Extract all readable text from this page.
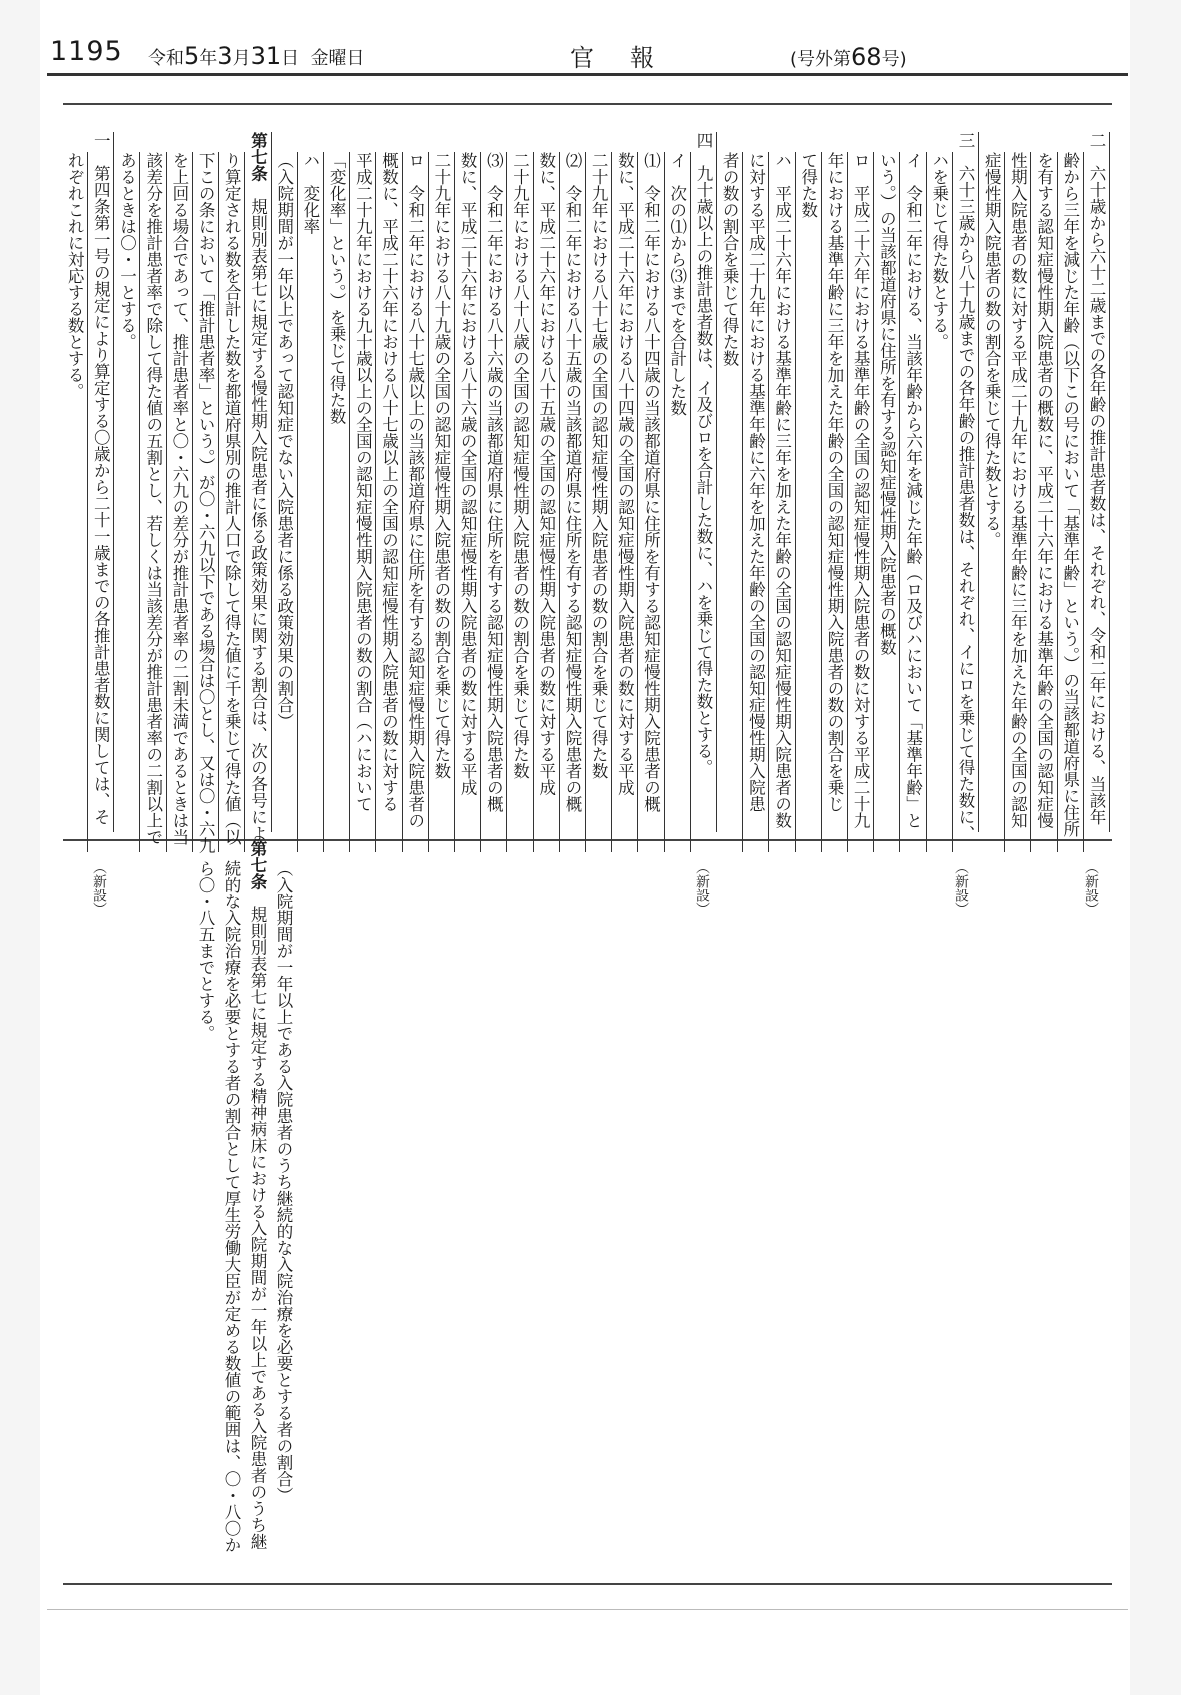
1195 令和5年3月31日 金曜日	官 報	(号外第68号)
二　六十歳から六十二歳までの各年齢の推計患者数は、それぞれ、令和二年における、当該年
齢から三年を減じた年齢（以下この号において「基準年齢」という。）の当該都道府県に住所
を有する認知症慢性期入院患者の概数に、平成二十六年における基準年齢の全国の認知症慢
性期入院患者の数に対する平成二十九年における基準年齢に三年を加えた年齢の全国の認知
症慢性期入院患者の数の割合を乗じて得た数とする。
三　六十三歳から八十九歳までの各年齢の推計患者数は、それぞれ、イにロを乗じて得た数に、
ハを乗じて得た数とする。
イ　令和二年における、当該年齢から六年を減じた年齢（ロ及びハにおいて「基準年齢」と
いう。）の当該都道府県に住所を有する認知症慢性期入院患者の概数
ロ　平成二十六年における基準年齢の全国の認知症慢性期入院患者の数に対する平成二十九
年における基準年齢に三年を加えた年齢の全国の認知症慢性期入院患者の数の割合を乗じ
て得た数
ハ　平成二十六年における基準年齢に三年を加えた年齢の全国の認知症慢性期入院患者の数
に対する平成二十九年における基準年齢に六年を加えた年齢の全国の認知症慢性期入院患
者の数の割合を乗じて得た数
四　九十歳以上の推計患者数は、イ及びロを合計した数に、ハを乗じて得た数とする。
イ　次の⑴から⑶までを合計した数
⑴　令和二年における八十四歳の当該都道府県に住所を有する認知症慢性期入院患者の概
数に、平成二十六年における八十四歳の全国の認知症慢性期入院患者の数に対する平成
二十九年における八十七歳の全国の認知症慢性期入院患者の数の割合を乗じて得た数
⑵　令和二年における八十五歳の当該都道府県に住所を有する認知症慢性期入院患者の概
数に、平成二十六年における八十五歳の全国の認知症慢性期入院患者の数に対する平成
二十九年における八十八歳の全国の認知症慢性期入院患者の数の割合を乗じて得た数
⑶　令和二年における八十六歳の当該都道府県に住所を有する認知症慢性期入院患者の概
数に、平成二十六年における八十六歳の全国の認知症慢性期入院患者の数に対する平成
二十九年における八十九歳の全国の認知症慢性期入院患者の数の割合を乗じて得た数
ロ　令和二年における八十七歳以上の当該都道府県に住所を有する認知症慢性期入院患者の
概数に、平成二十六年における八十七歳以上の全国の認知症慢性期入院患者の数に対する
平成二十九年における九十歳以上の全国の認知症慢性期入院患者の数の割合（ハにおいて
「変化率」という。）を乗じて得た数
ハ　変化率
（入院期間が一年以上であって認知症でない入院患者に係る政策効果の割合）
第七条　規則別表第七に規定する慢性期入院患者に係る政策効果に関する割合は、次の各号によ
り算定される数を合計した数を都道府県別の推計人口で除して得た値に千を乗じて得た値（以
下この条において「推計患者率」という。）が〇・六九以下である場合は〇とし、又は〇・六九
を上回る場合であって、推計患者率と〇・六九の差分が推計患者率の二割未満であるときは当
該差分を推計患者率で除して得た値の五割とし、若しくは当該差分が推計患者率の二割以上で
あるときは〇・一とする。
一　第四条第一号の規定により算定する〇歳から二十一歳までの各推計患者数に関しては、そ
れぞれこれに対応する数とする。
（新設）
（新設）
（新設）
（入院期間が一年以上である入院患者のうち継続的な入院治療を必要とする者の割合）
第七条　規則別表第七に規定する精神病床における入院期間が一年以上である入院患者のうち継
続的な入院治療を必要とする者の割合として厚生労働大臣が定める数値の範囲は、〇・八〇か
ら〇・八五までとする。
（新設）
